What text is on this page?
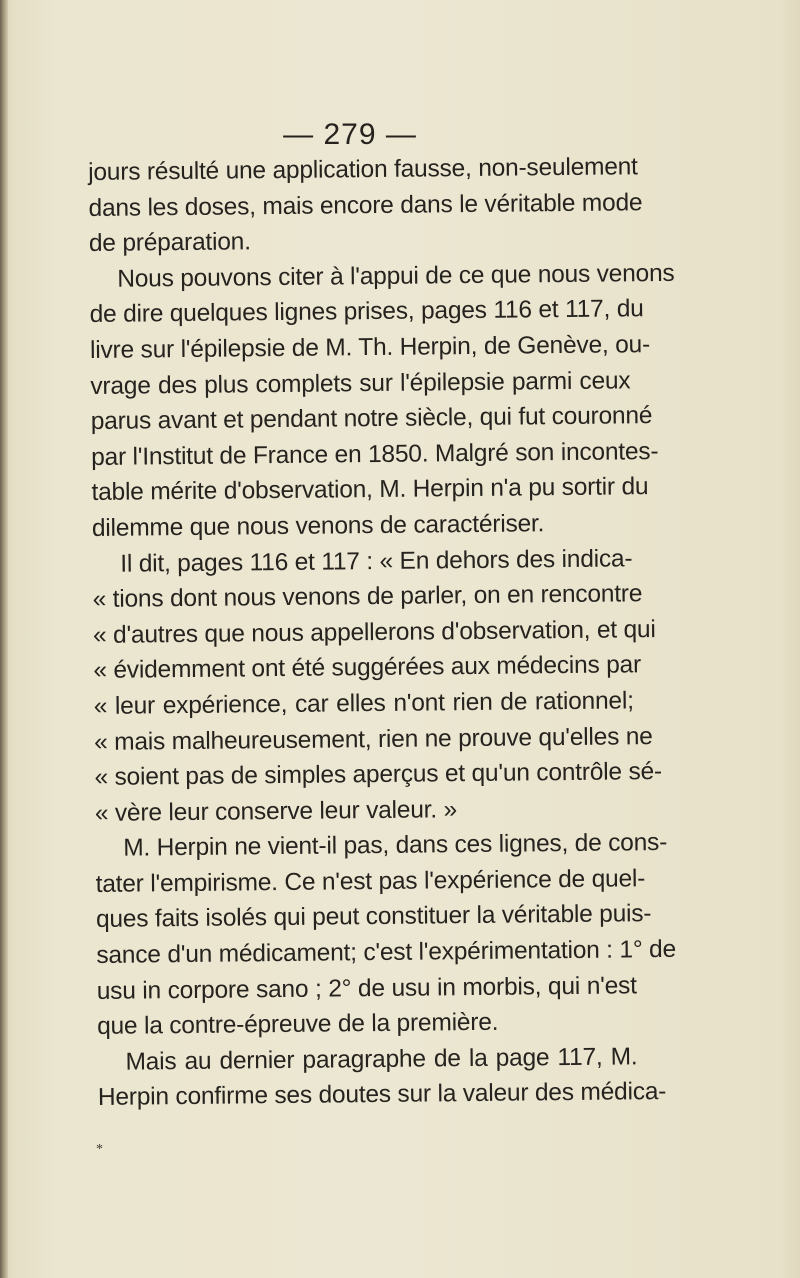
— 279 —
jours résulté une application fausse, non-seulement
dans les doses, mais encore dans le véritable mode
de préparation.
Nous pouvons citer à l'appui de ce que nous venons
de dire quelques lignes prises, pages 116 et 117, du
livre sur l'épilepsie de M. Th. Herpin, de Genève, ou-
vrage des plus complets sur l'épilepsie parmi ceux
parus avant et pendant notre siècle, qui fut couronné
par l'Institut de France en 1850. Malgré son incontes-
table mérite d'observation, M. Herpin n'a pu sortir du
dilemme que nous venons de caractériser.
Il dit, pages 116 et 117 : « En dehors des indica-
« tions dont nous venons de parler, on en rencontre
« d'autres que nous appellerons d'observation, et qui
« évidemment ont été suggérées aux médecins par
« leur expérience, car elles n'ont rien de rationnel;
« mais malheureusement, rien ne prouve qu'elles ne
« soient pas de simples aperçus et qu'un contrôle sé-
« vère leur conserve leur valeur. »
M. Herpin ne vient-il pas, dans ces lignes, de cons-
tater l'empirisme. Ce n'est pas l'expérience de quel-
ques faits isolés qui peut constituer la véritable puis-
sance d'un médicament; c'est l'expérimentation : 1° de
usu in corpore sano ; 2° de usu in morbis, qui n'est
que la contre-épreuve de la première.
Mais au dernier paragraphe de la page 117, M.
Herpin confirme ses doutes sur la valeur des médica-
*
